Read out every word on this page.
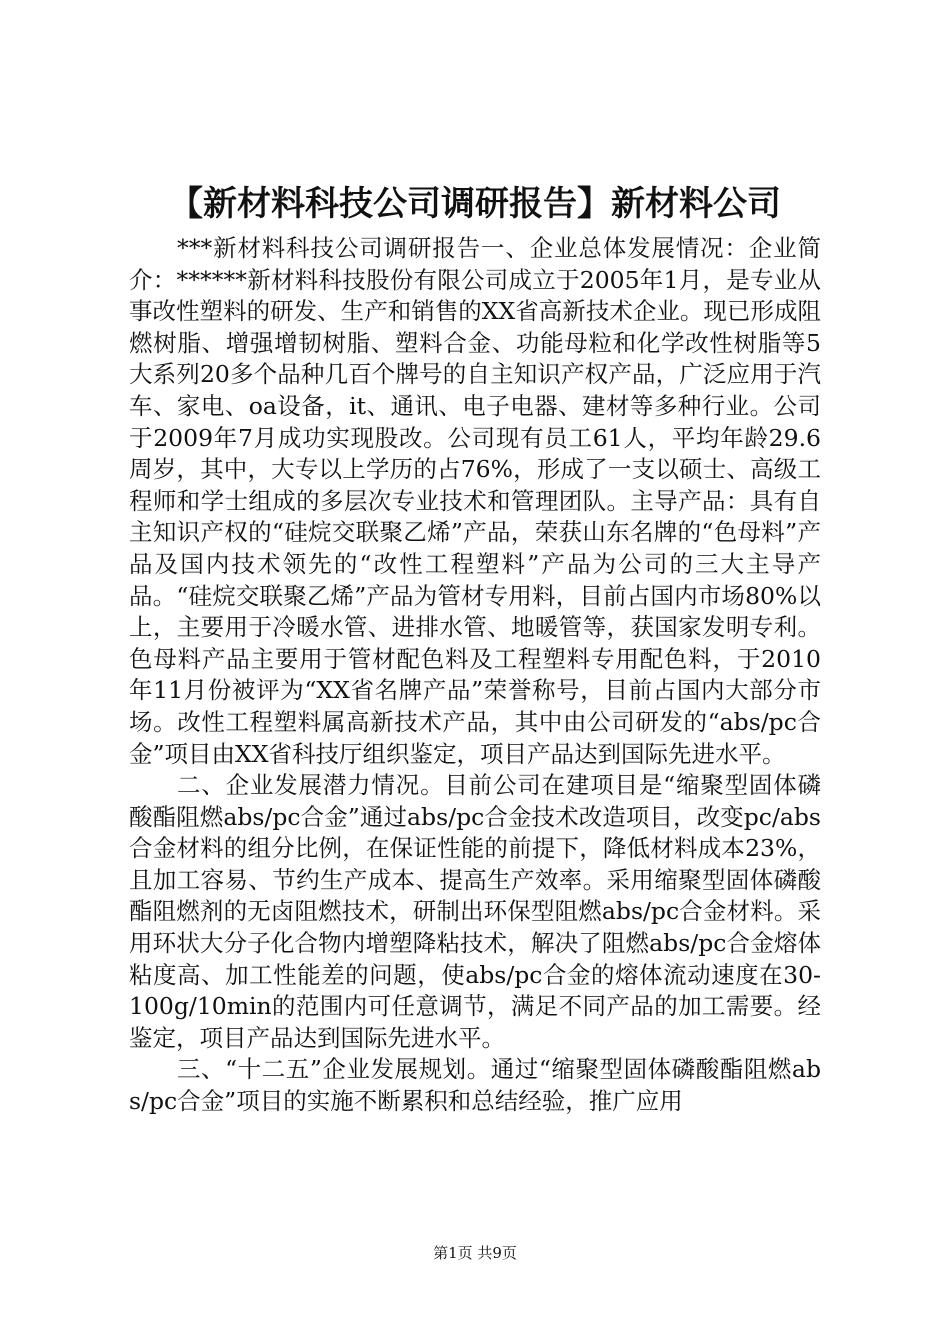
【新材料科技公司调研报告】新材料公司

***新材料科技公司调研报告一、企业总体发展情况：企业简介：******新材料科技股份有限公司成立于2005年1月，是专业从事改性塑料的研发、生产和销售的XX省高新技术企业。现已形成阻燃树脂、增强增韧树脂、塑料合金、功能母粒和化学改性树脂等5大系列20多个品种几百个牌号的自主知识产权产品，广泛应用于汽车、家电、oa设备，it、通讯、电子电器、建材等多种行业。公司于2009年7月成功实现股改。公司现有员工61人，平均年龄29.6周岁，其中，大专以上学历的占76%，形成了一支以硕士、高级工程师和学士组成的多层次专业技术和管理团队。主导产品：具有自主知识产权的“硅烷交联聚乙烯”产品，荣获山东名牌的“色母料”产品及国内技术领先的“改性工程塑料”产品为公司的三大主导产品。“硅烷交联聚乙烯”产品为管材专用料，目前占国内市场80%以上，主要用于冷暖水管、进排水管、地暖管等，获国家发明专利。色母料产品主要用于管材配色料及工程塑料专用配色料，于2010年11月份被评为“XX省名牌产品”荣誉称号，目前占国内大部分市场。改性工程塑料属高新技术产品，其中由公司研发的“abs/pc合金”项目由XX省科技厅组织鉴定，项目产品达到国际先进水平。

二、企业发展潜力情况。目前公司在建项目是“缩聚型固体磷酸酯阻燃abs/pc合金”通过abs/pc合金技术改造项目，改变pc/abs合金材料的组分比例，在保证性能的前提下，降低材料成本23%，且加工容易、节约生产成本、提高生产效率。采用缩聚型固体磷酸酯阻燃剂的无卤阻燃技术，研制出环保型阻燃abs/pc合金材料。采用环状大分子化合物内增塑降粘技术，解决了阻燃abs/pc合金熔体粘度高、加工性能差的问题，使abs/pc合金的熔体流动速度在30-100g/10min的范围内可任意调节，满足不同产品的加工需要。经鉴定，项目产品达到国际先进水平。

三、“十二五”企业发展规划。通过“缩聚型固体磷酸酯阻燃abs/pc合金”项目的实施不断累积和总结经验，推广应用

第1页 共9页
